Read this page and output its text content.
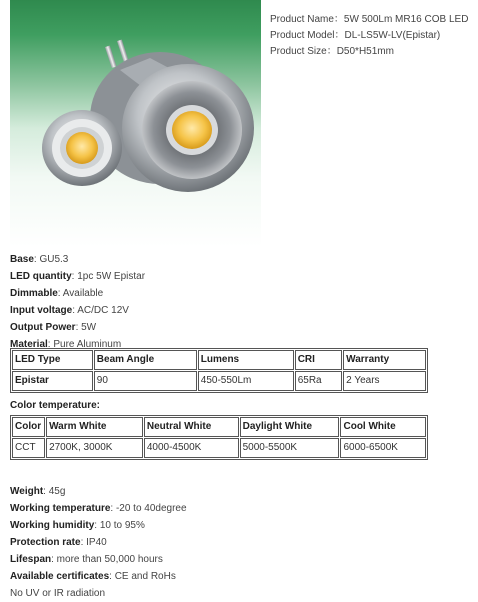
Product Name：5W 500Lm MR16 COB LED
Product Model：DL-LS5W-LV(Epistar)
Product Size：D50*H51mm
Base: GU5.3
LED quantity: 1pc 5W Epistar
Dimmable: Available
Input voltage: AC/DC 12V
Output Power: 5W
Material: Pure Aluminum
LED Type	Beam Angle	Lumens	CRI	Warranty
Epistar	90	450-550Lm	65Ra	2 Years
Color temperature:
Color	Warm White	Neutral White	Daylight White	Cool White
CCT	2700K, 3000K	4000-4500K	5000-5500K	6000-6500K
Weight: 45g
Working temperature: -20 to 40degree
Working humidity: 10 to 95%
Protection rate: IP40
Lifespan: more than 50,000 hours
Available certificates: CE and RoHs
No UV or IR radiation
